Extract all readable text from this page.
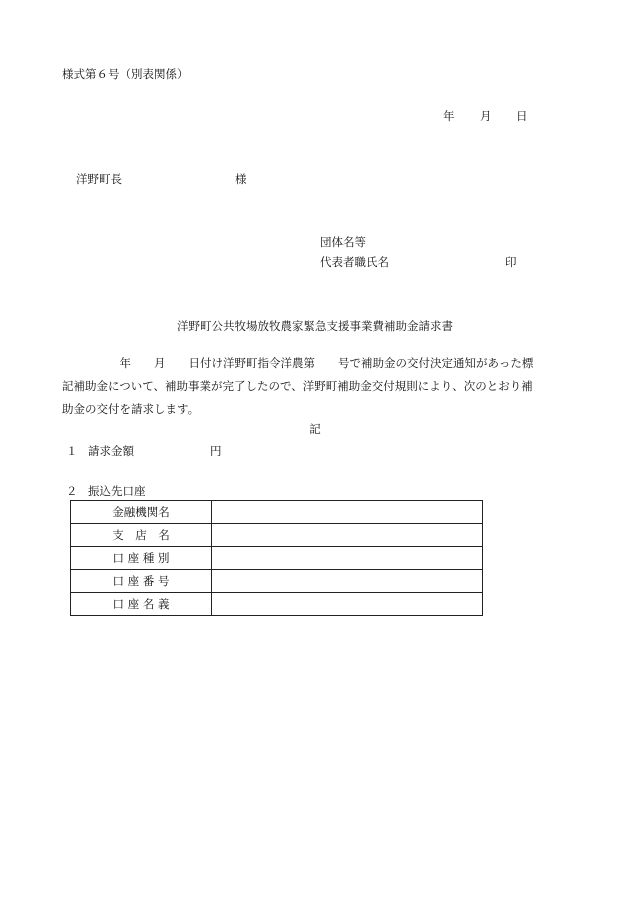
様式第６号（別表関係）
年 月 日
洋野町長	様
団体名等
代表者職氏名	印
洋野町公共牧場放牧農家緊急支援事業費補助金請求書
　　　　　年　　月　　日付け洋野町指令洋農第　　号で補助金の交付決定通知があった標
記補助金について、補助事業が完了したので、洋野町補助金交付規則により、次のとおり補
助金の交付を請求します。
記
１ 請求金額	円
２ 振込先口座
金融機関名	
支　店　名	
口 座 種 別	
口 座 番 号	
口 座 名 義	
